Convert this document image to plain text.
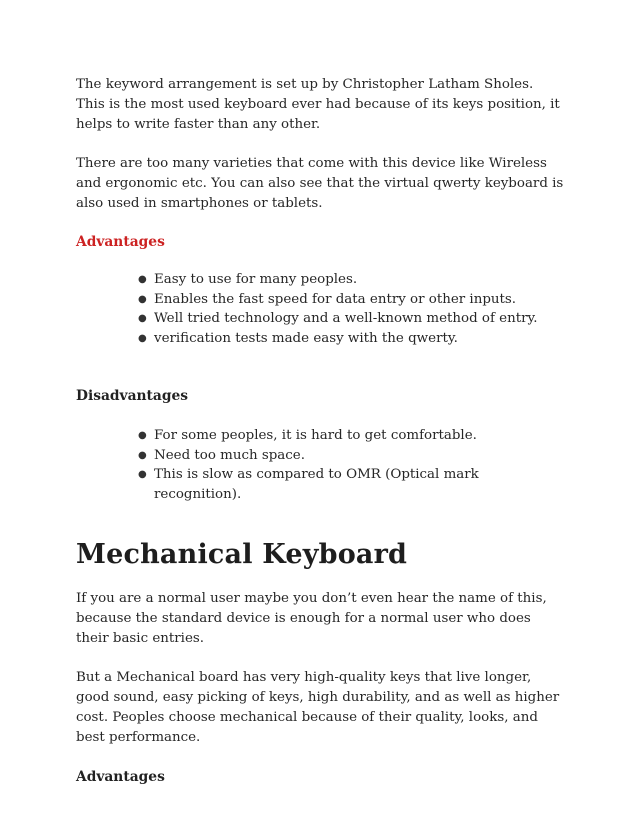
The keyword arrangement is set up by Christopher Latham Sholes. This is the most used keyboard ever had because of its keys position, it helps to write faster than any other.

There are too many varieties that come with this device like Wireless and ergonomic etc. You can also see that the virtual qwerty keyboard is also used in smartphones or tablets.

Advantages
● Easy to use for many peoples.
● Enables the fast speed for data entry or other inputs.
● Well tried technology and a well-known method of entry.
● verification tests made easy with the qwerty.
Disadvantages
● For some peoples, it is hard to get comfortable.
● Need too much space.
● This is slow as compared to OMR (Optical mark recognition).
Mechanical Keyboard

If you are a normal user maybe you don’t even hear the name of this, because the standard device is enough for a normal user who does their basic entries.

But a Mechanical board has very high-quality keys that live longer, good sound, easy picking of keys, high durability, and as well as higher cost. Peoples choose mechanical because of their quality, looks, and best performance.

Advantages
